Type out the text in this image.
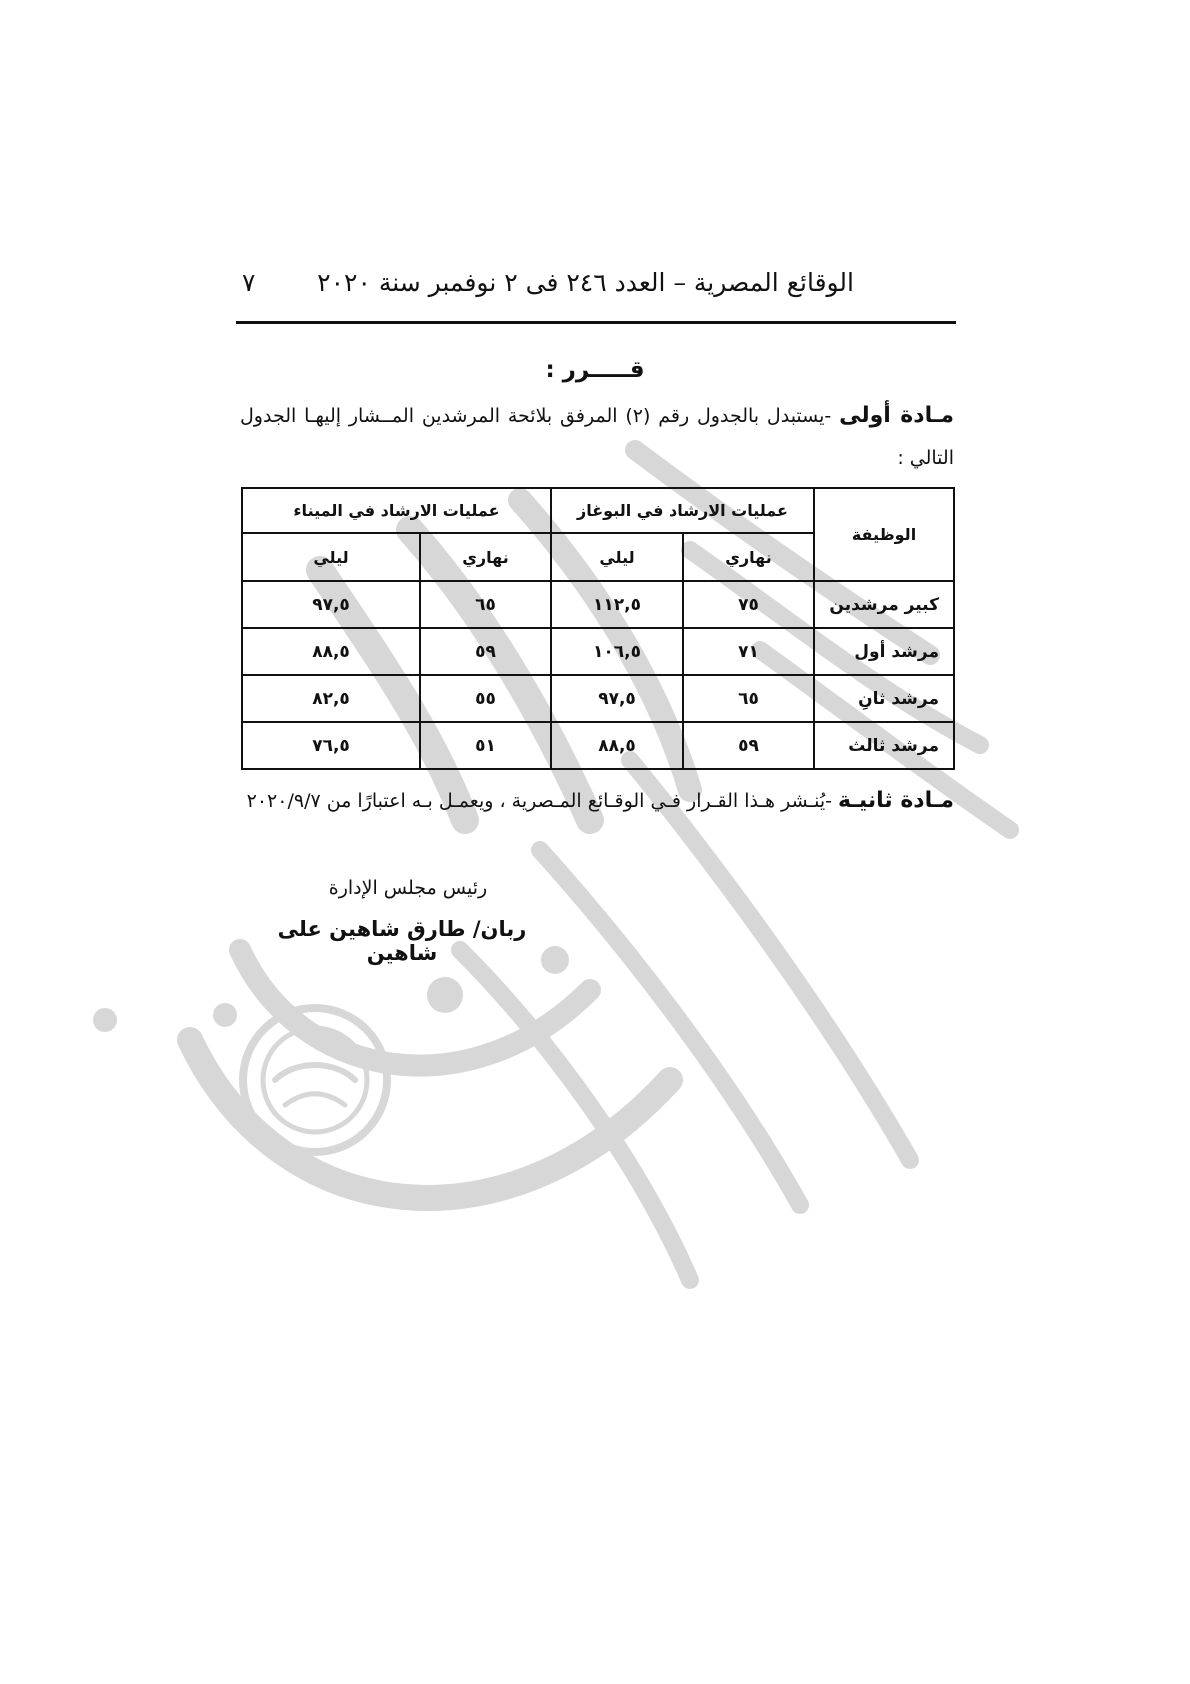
الوقائع المصرية – العدد ٢٤٦ فى ٢ نوفمبر سنة ٢٠٢٠
٧
قـــــرر :
مـادة أولى -يستبدل بالجدول رقم (٢) المرفق بلائحة المرشدين المــشار إليهـا الجدول التالي :
الوظيفة	عمليات الارشاد في البوغاز		عمليات الارشاد في الميناء	
	نهاري	ليلي	نهاري	ليلي
كبير مرشدين	٧٥	١١٢,٥	٦٥	٩٧,٥
مرشد أول	٧١	١٠٦,٥	٥٩	٨٨,٥
مرشد ثانِ	٦٥	٩٧,٥	٥٥	٨٢,٥
مرشد ثالث	٥٩	٨٨,٥	٥١	٧٦,٥
مـادة ثانيـة -يُنـشر هـذا القـرار فـي الوقـائع المـصرية ، ويعمـل بـه اعتبارًا من ٢٠٢٠/٩/٧
رئيس مجلس الإدارة
ربان/ طارق شاهين على شاهين
